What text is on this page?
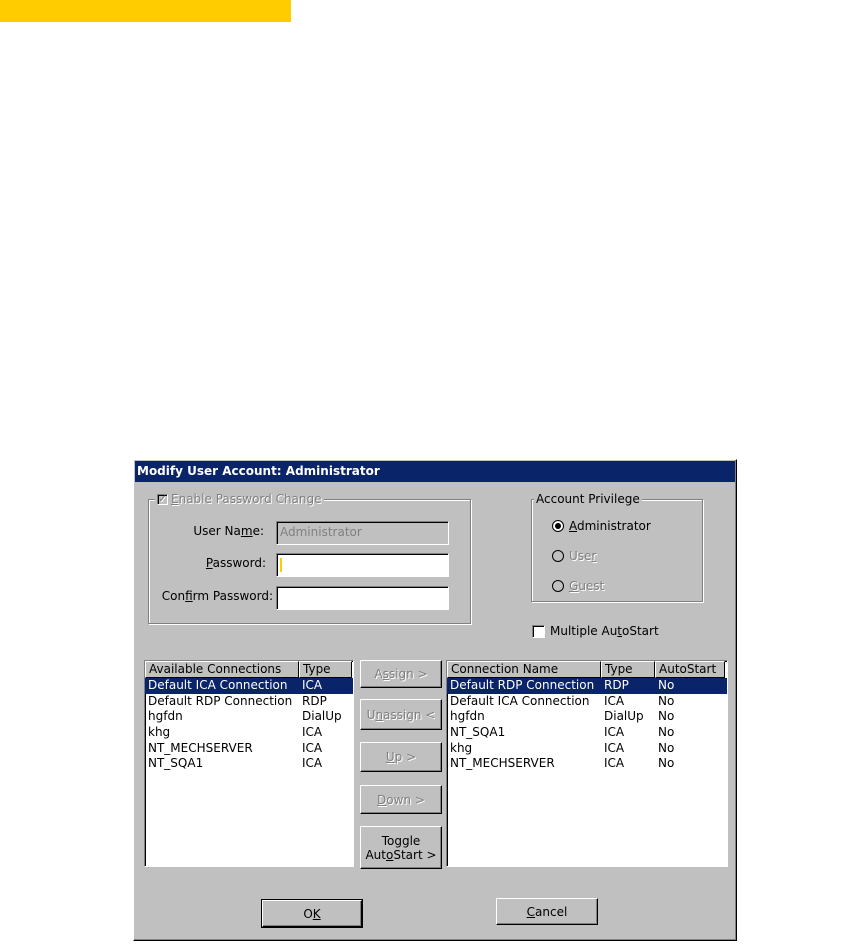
Modify User Account: Administrator
✓ Enable Password Change
User Name:	Administrator
Password:
Confirm Password:
Account Privilege
Administrator
User
Guest
Multiple AutoStart
Available Connections	Type
Default ICA Connection	ICA
Default RDP Connection RDP
hgfdn	DialUp
khg	ICA
NT_MECHSERVER	ICA
NT_SQA1	ICA
A s sign >
U n assign <
U p >
D own >
Toggle
AutoStart >
Connection Name	Type	AutoStart
Default RDP Connection RDP	No
Default ICA Connection	ICA	No
hgfdn	DialUp	No
NT_SQA1	ICA	No
khg	ICA	No
NT_MECHSERVER	ICA	No
O K	C ancel
